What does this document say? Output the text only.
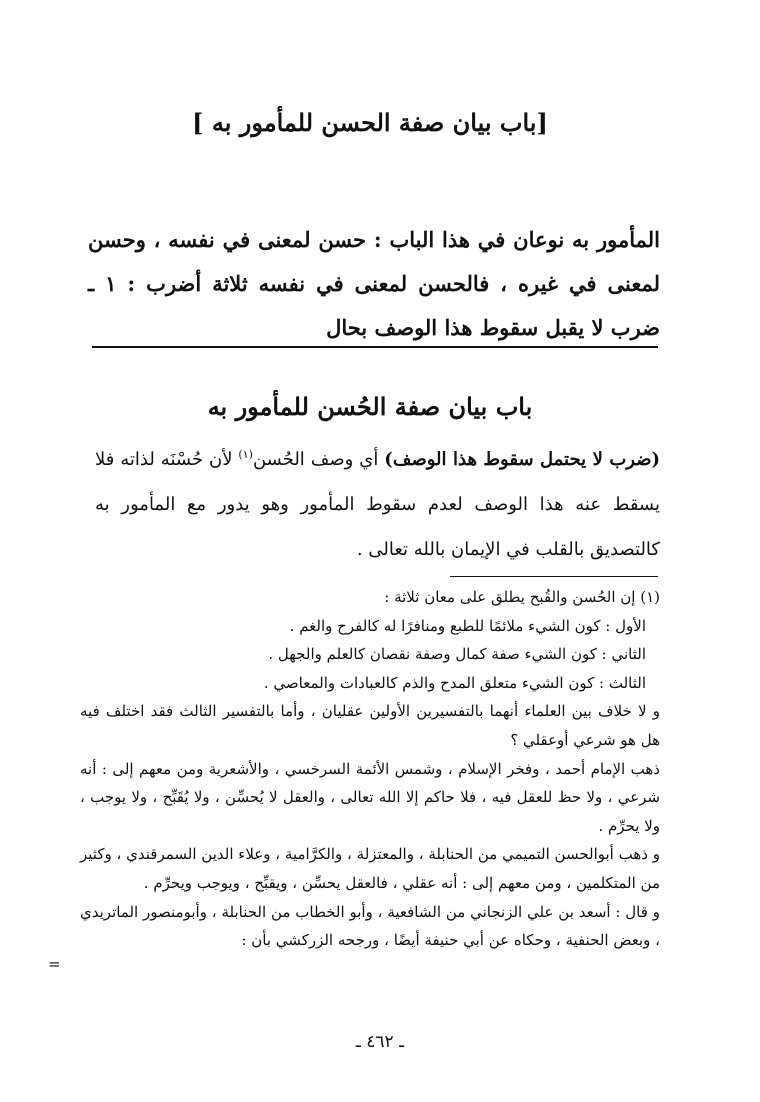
[باب بيان صفة الحسن للمأمور به ]
المأمور به نوعان في هذا الباب : حسن لمعنى في نفسه ، وحسن لمعنى في غيره ، فالحسن لمعنى في نفسه ثلاثة أضرب : ١ ـ ضرب لا يقبل سقوط هذا الوصف بحال
باب بيان صفة الحُسن للمأمور به
(ضرب لا يحتمل سقوط هذا الوصف) أي وصف الحُسن$^{(١)}$ لأن حُسْنَه لذاته فلا يسقط عنه هذا الوصف لعدم سقوط المأمور وهو يدور مع المأمور به كالتصديق بالقلب في الإيمان بالله تعالى .

(١) إن الحُسن والقُبح يطلق على معان ثلاثة :

الأول : كون الشيء ملائمًا للطبع ومنافرًا له كالفرح والغم .

الثاني : كون الشيء صفة كمال وصفة نقصان كالعلم والجهل .

الثالث : كون الشيء متعلق المدح والذم كالعبادات والمعاصي .

و لا خلاف بين العلماء أنهما بالتفسيرين الأولين عقليان ، وأما بالتفسير الثالث فقد اختلف فيه هل هو شرعي أوعقلي ؟

ذهب الإمام أحمد ، وفخر الإسلام ، وشمس الأئمة السرخسي ، والأشعرية ومن معهم إلى : أنه شرعي ، ولا حظ للعقل فيه ، فلا حاكم إلا الله تعالى ، والعقل لا يُحسِّن ، ولا يُقَبِّح ، ولا يوجب ، ولا يحرِّم .

و ذهب أبوالحسن التميمي من الحنابلة ، والمعتزلة ، والكرَّامية ، وعلاء الدين السمرقندي ، وكثير من المتكلمين ، ومن معهم إلى : أنه عقلي ، فالعقل يحسِّن ، ويقبِّح ، ويوجب ويحرِّم .

و قال : أسعد بن علي الزنجاني من الشافعية ، وأبو الخطاب من الحنابلة ، وأبومنصور الماتريدي ، وبعض الحنفية ، وحكاه عن أبي حنيفة أيضًا ، ورجحه الزركشي بأن :

=
ـ ٤٦٢ ـ
